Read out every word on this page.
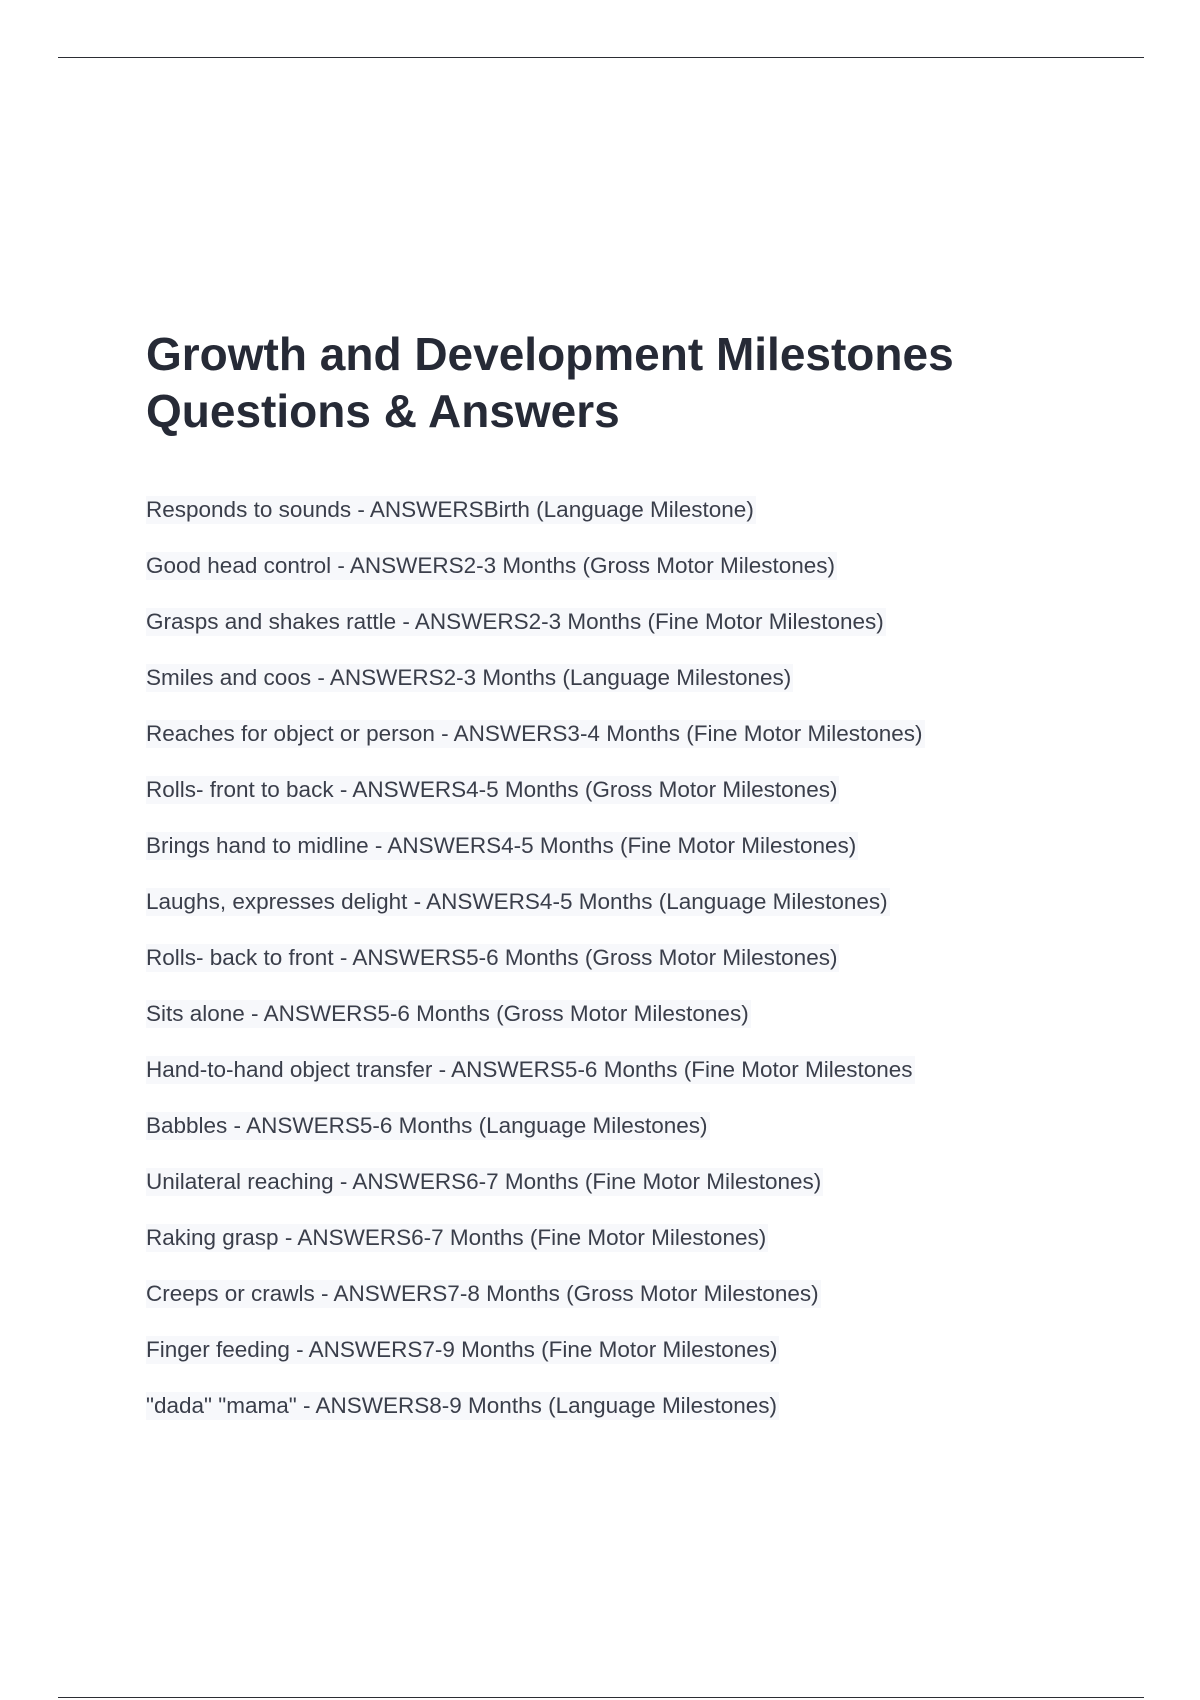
Growth and Development Milestones
Questions & Answers
Responds to sounds - ANSWERSBirth (Language Milestone)
Good head control - ANSWERS2-3 Months (Gross Motor Milestones)
Grasps and shakes rattle - ANSWERS2-3 Months (Fine Motor Milestones)
Smiles and coos - ANSWERS2-3 Months (Language Milestones)
Reaches for object or person - ANSWERS3-4 Months (Fine Motor Milestones)
Rolls- front to back - ANSWERS4-5 Months (Gross Motor Milestones)
Brings hand to midline - ANSWERS4-5 Months (Fine Motor Milestones)
Laughs, expresses delight - ANSWERS4-5 Months (Language Milestones)
Rolls- back to front - ANSWERS5-6 Months (Gross Motor Milestones)
Sits alone - ANSWERS5-6 Months (Gross Motor Milestones)
Hand-to-hand object transfer - ANSWERS5-6 Months (Fine Motor Milestones
Babbles - ANSWERS5-6 Months (Language Milestones)
Unilateral reaching - ANSWERS6-7 Months (Fine Motor Milestones)
Raking grasp - ANSWERS6-7 Months (Fine Motor Milestones)
Creeps or crawls - ANSWERS7-8 Months (Gross Motor Milestones)
Finger feeding - ANSWERS7-9 Months (Fine Motor Milestones)
"dada" "mama" - ANSWERS8-9 Months (Language Milestones)
